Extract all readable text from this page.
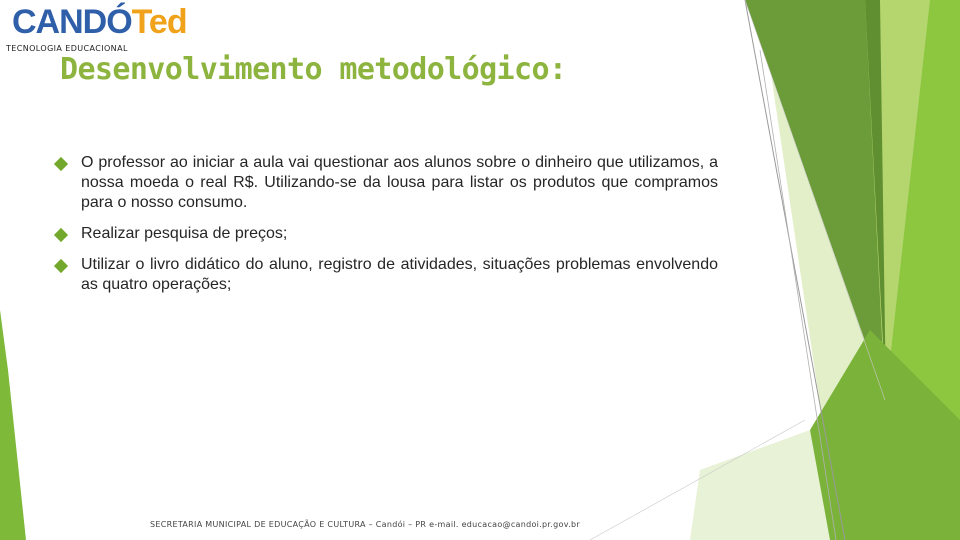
CANDÓTed
TECNOLOGIA EDUCACIONAL
Desenvolvimento metodológico:
O professor ao iniciar a aula vai questionar aos alunos sobre o dinheiro que utilizamos, a nossa moeda o real R$. Utilizando-se da lousa para listar os produtos que compramos para o nosso consumo.
Realizar pesquisa de preços;
Utilizar o livro didático do aluno, registro de atividades, situações problemas envolvendo as quatro operações;
SECRETARIA MUNICIPAL DE EDUCAÇÃO E CULTURA – Candói – PR e-mail. educacao@candoi.pr.gov.br
